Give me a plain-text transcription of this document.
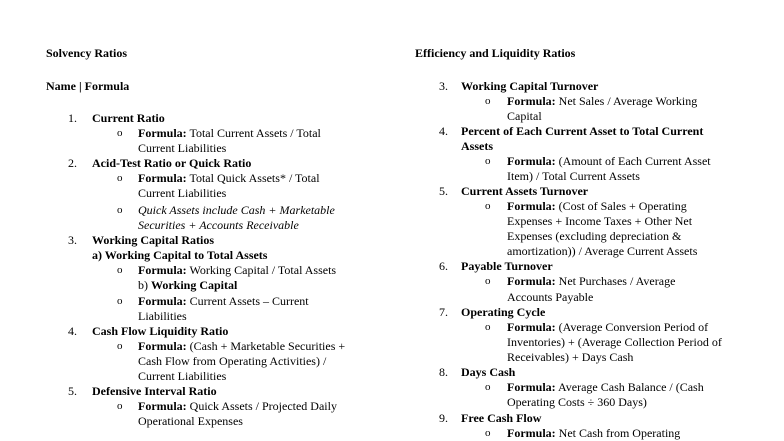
Solvency Ratios
Name | Formula
1. Current Ratio
o Formula: Total Current Assets / Total
Current Liabilities
2. Acid-Test Ratio or Quick Ratio
o Formula: Total Quick Assets* / Total
Current Liabilities
o Quick Assets include Cash + Marketable
Securities + Accounts Receivable
3. Working Capital Ratios
a) Working Capital to Total Assets
o Formula: Working Capital / Total Assets
b) Working Capital
o Formula: Current Assets – Current
Liabilities
4. Cash Flow Liquidity Ratio
o Formula: (Cash + Marketable Securities +
Cash Flow from Operating Activities) /
Current Liabilities
5. Defensive Interval Ratio
o Formula: Quick Assets / Projected Daily
Operational Expenses
Efficiency and Liquidity Ratios
3. Working Capital Turnover
o Formula: Net Sales / Average Working
Capital
4. Percent of Each Current Asset to Total Current
Assets
o Formula: (Amount of Each Current Asset
Item) / Total Current Assets
5. Current Assets Turnover
o Formula: (Cost of Sales + Operating
Expenses + Income Taxes + Other Net
Expenses (excluding depreciation &
amortization)) / Average Current Assets
6. Payable Turnover
o Formula: Net Purchases / Average
Accounts Payable
7. Operating Cycle
o Formula: (Average Conversion Period of
Inventories) + (Average Collection Period of
Receivables) + Days Cash
8. Days Cash
o Formula: Average Cash Balance / (Cash
Operating Costs ÷ 360 Days)
9. Free Cash Flow
o Formula: Net Cash from Operating
